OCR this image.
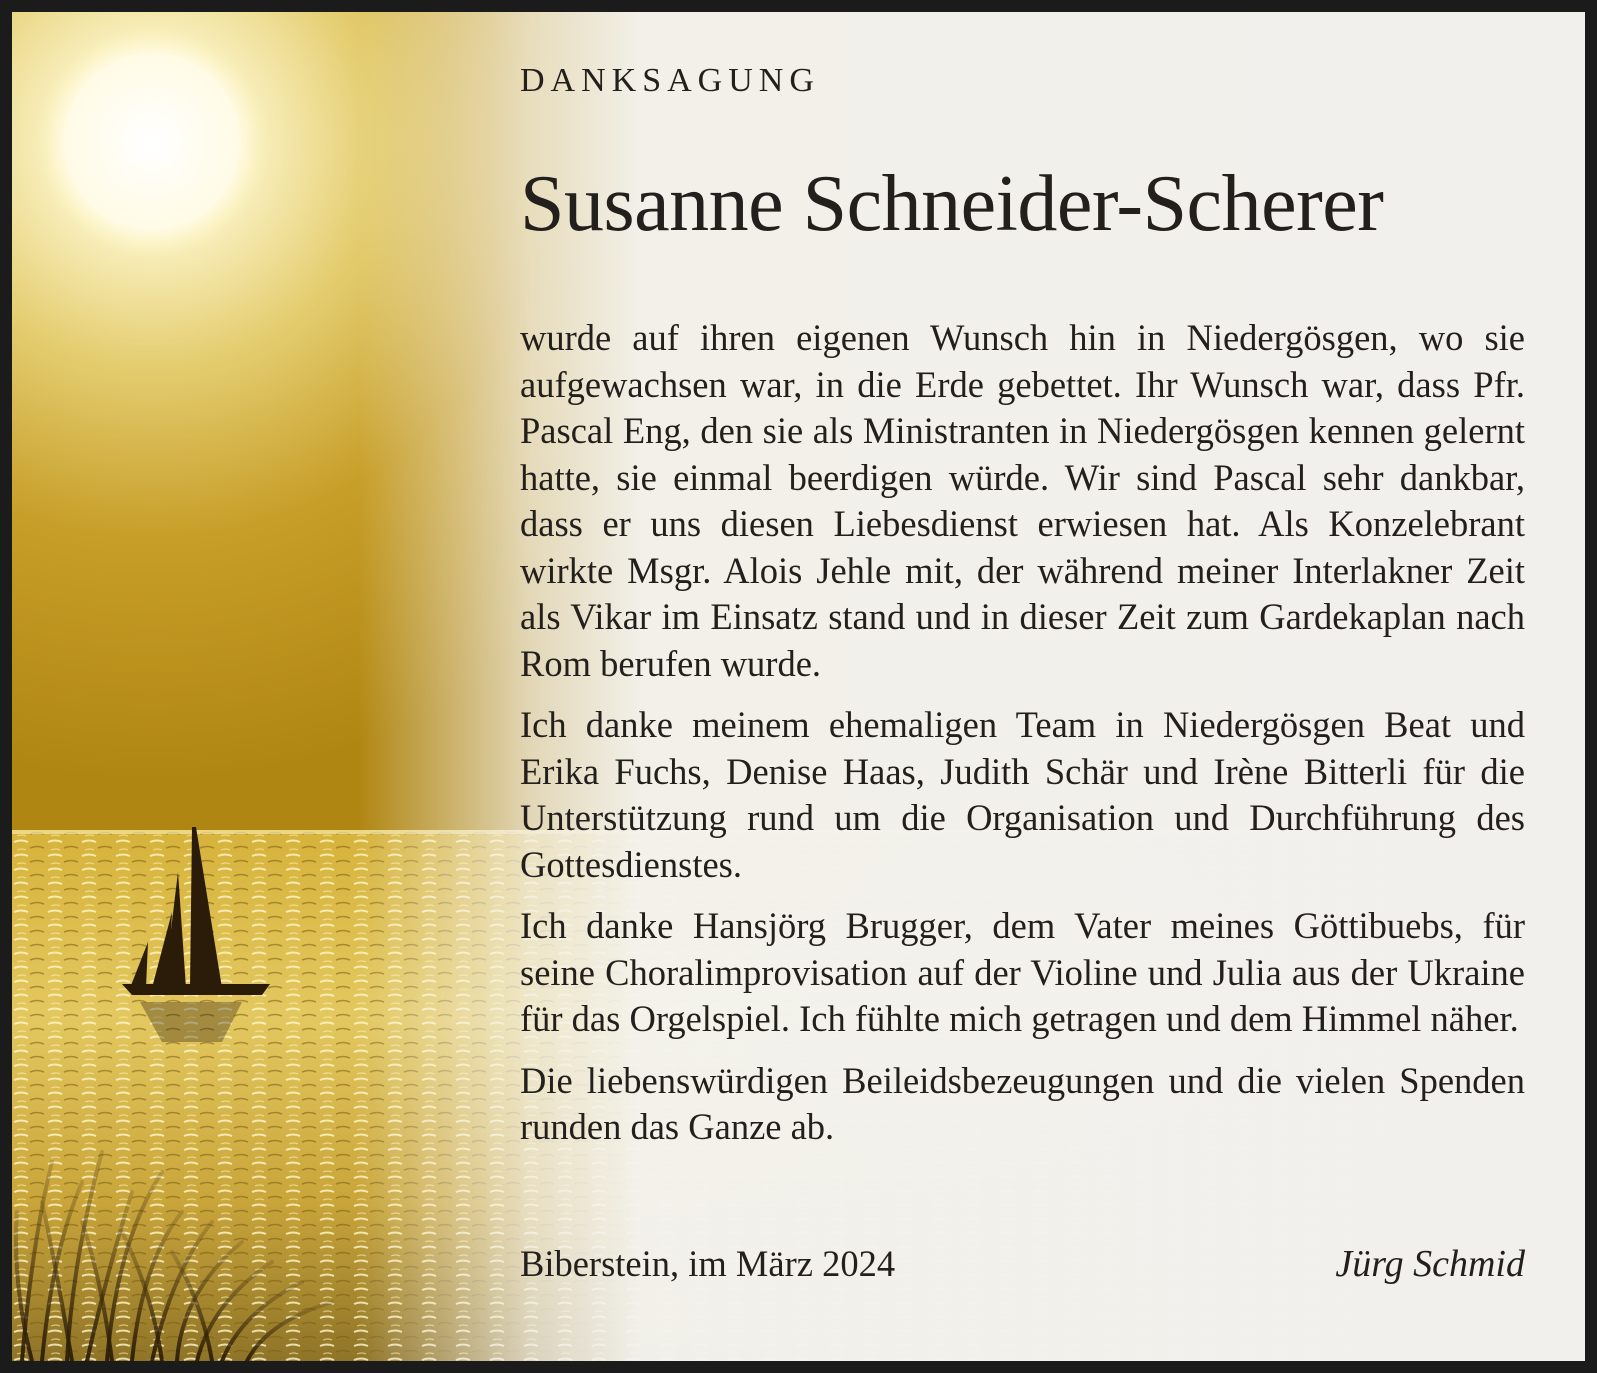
DANKSAGUNG
Susanne Schneider-Scherer

wurde auf ihren eigenen Wunsch hin in Niedergösgen, wo sie aufgewachsen war, in die Erde gebettet. Ihr Wunsch war, dass Pfr. Pascal Eng, den sie als Ministranten in Niedergösgen kennen gelernt hatte, sie einmal beerdigen würde. Wir sind Pascal sehr dankbar, dass er uns diesen Liebesdienst erwiesen hat. Als Konzelebrant wirkte Msgr. Alois Jehle mit, der während meiner Interlakner Zeit als Vikar im Einsatz stand und in dieser Zeit zum Gardekaplan nach Rom berufen wurde.

Ich danke meinem ehemaligen Team in Niedergösgen Beat und Erika Fuchs, Denise Haas, Judith Schär und Irène Bitterli für die Unterstützung rund um die Organisation und Durchführung des Gottesdienstes.

Ich danke Hansjörg Brugger, dem Vater meines Göttibuebs, für seine Choralimprovisation auf der Violine und Julia aus der Ukraine für das Orgelspiel. Ich fühlte mich getragen und dem Himmel näher.

Die liebenswürdigen Beileidsbezeugungen und die vielen Spenden runden das Ganze ab.

Biberstein, im März 2024	Jürg Schmid
